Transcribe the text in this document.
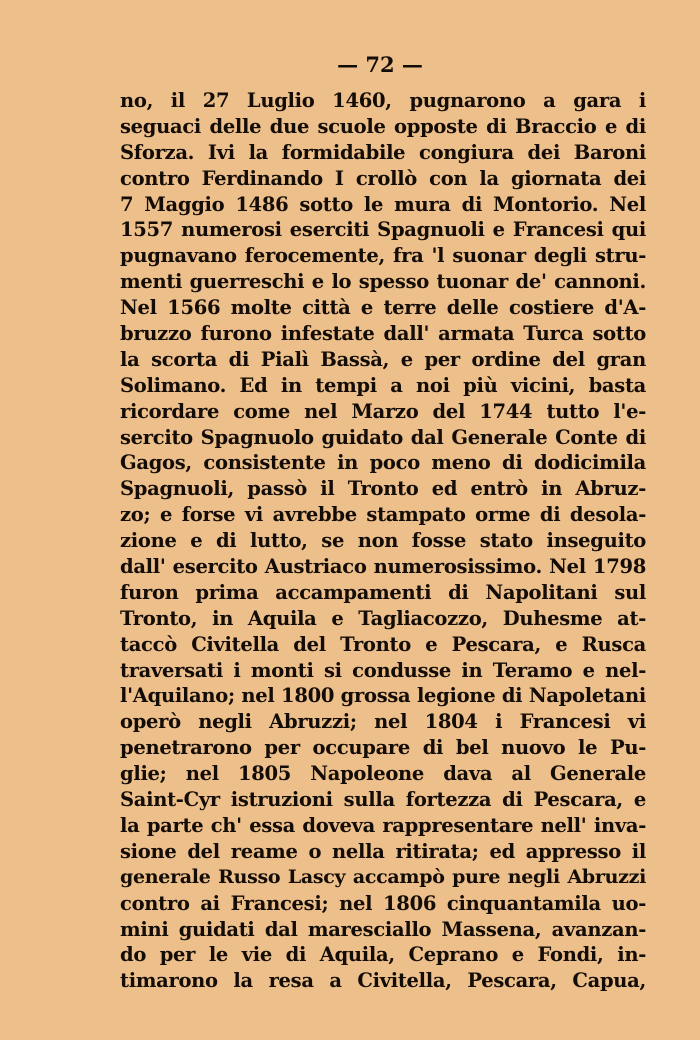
— 72 —
no, il 27 Luglio 1460, pugnarono a gara i
seguaci delle due scuole opposte di Braccio e di
Sforza. Ivi la formidabile congiura dei Baroni
contro Ferdinando I crollò con la giornata dei
7 Maggio 1486 sotto le mura di Montorio. Nel
1557 numerosi eserciti Spagnuoli e Francesi qui
pugnavano ferocemente, fra 'l suonar degli stru-
menti guerreschi e lo spesso tuonar de' cannoni.
Nel 1566 molte città e terre delle costiere d'A-
bruzzo furono infestate dall' armata Turca sotto
la scorta di Pialì Bassà, e per ordine del gran
Solimano. Ed in tempi a noi più vicini, basta
ricordare come nel Marzo del 1744 tutto l'e-
sercito Spagnuolo guidato dal Generale Conte di
Gagos, consistente in poco meno di dodicimila
Spagnuoli, passò il Tronto ed entrò in Abruz-
zo; e forse vi avrebbe stampato orme di desola-
zione e di lutto, se non fosse stato inseguito
dall' esercito Austriaco numerosissimo. Nel 1798
furon prima accampamenti di Napolitani sul
Tronto, in Aquila e Tagliacozzo, Duhesme at-
taccò Civitella del Tronto e Pescara, e Rusca
traversati i monti si condusse in Teramo e nel-
l'Aquilano; nel 1800 grossa legione di Napoletani
operò negli Abruzzi; nel 1804 i Francesi vi
penetrarono per occupare di bel nuovo le Pu-
glie; nel 1805 Napoleone dava al Generale
Saint-Cyr istruzioni sulla fortezza di Pescara, e
la parte ch' essa doveva rappresentare nell' inva-
sione del reame o nella ritirata; ed appresso il
generale Russo Lascy accampò pure negli Abruzzi
contro ai Francesi; nel 1806 cinquantamila uo-
mini guidati dal maresciallo Massena, avanzan-
do per le vie di Aquila, Ceprano e Fondi, in-
timarono la resa a Civitella, Pescara, Capua,
